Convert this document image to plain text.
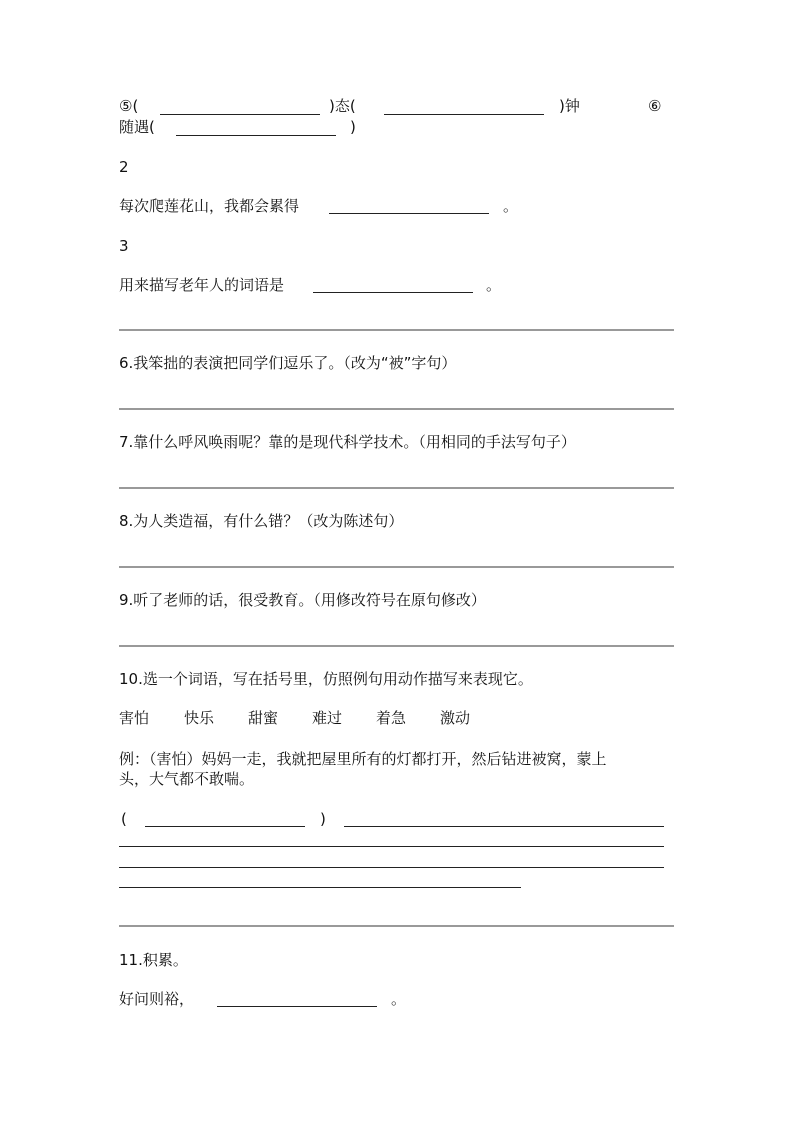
⑤(	)态(	)钟	⑥
随遇(	)
2
每次爬莲花山，我都会累得	。
3
用来描写老年人的词语是	。
6.我笨拙的表演把同学们逗乐了。（改为“被”字句）
7.靠什么呼风唤雨呢？靠的是现代科学技术。（用相同的手法写句子）
8.为人类造福，有什么错？（改为陈述句）
9.听了老师的话，很受教育。（用修改符号在原句修改）
10.选一个词语，写在括号里，仿照例句用动作描写来表现它。
害怕 快乐 甜蜜 难过 着急 激动
例：（害怕）妈妈一走，我就把屋里所有的灯都打开，然后钻进被窝，蒙上
头，大气都不敢喘。
(	)
11.积累。
好问则裕，	。
